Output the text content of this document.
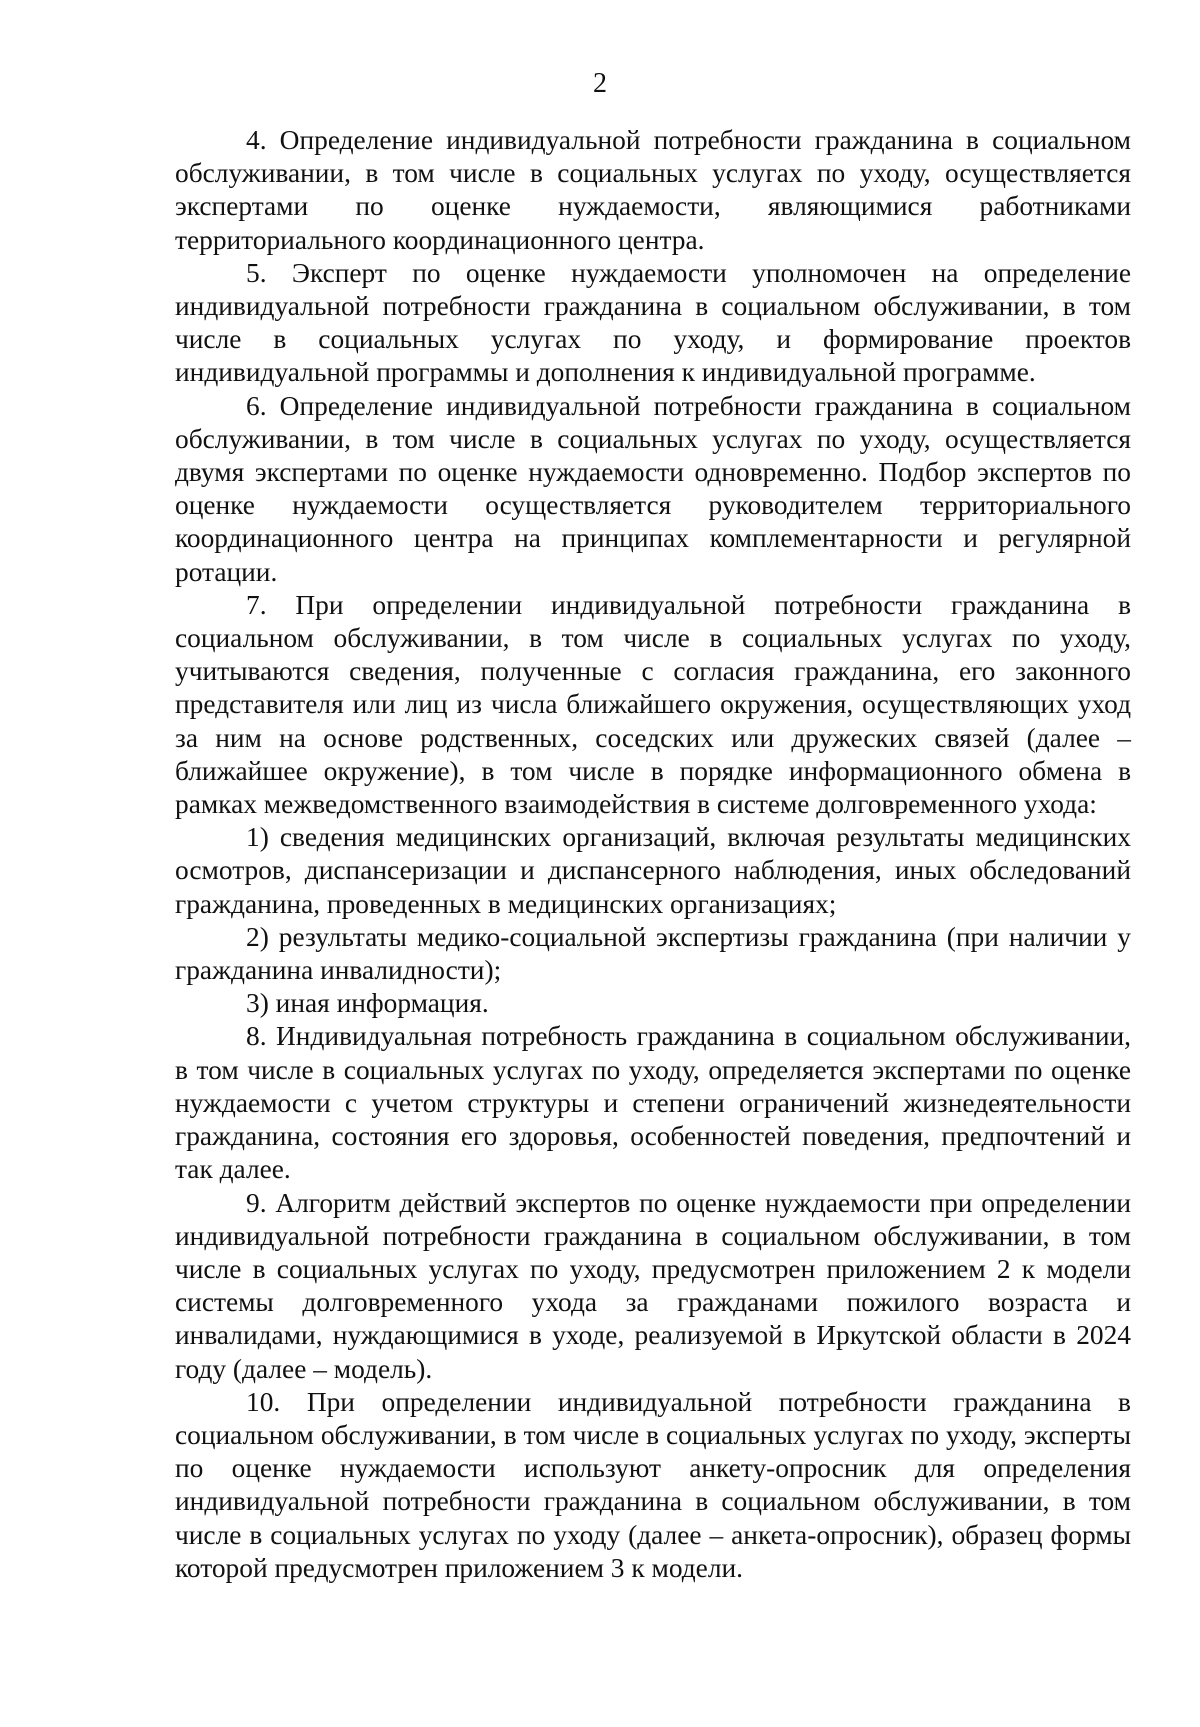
2

4. Определение индивидуальной потребности гражданина в социальном обслуживании, в том числе в социальных услугах по уходу, осуществляется экспертами по оценке нуждаемости, являющимися работниками территориального координационного центра.

5. Эксперт по оценке нуждаемости уполномочен на определение индивидуальной потребности гражданина в социальном обслуживании, в том числе в социальных услугах по уходу, и формирование проектов индивидуальной программы и дополнения к индивидуальной программе.

6. Определение индивидуальной потребности гражданина в социальном обслуживании, в том числе в социальных услугах по уходу, осуществляется двумя экспертами по оценке нуждаемости одновременно. Подбор экспертов по оценке нуждаемости осуществляется руководителем территориального координационного центра на принципах комплементарности и регулярной ротации.

7. При определении индивидуальной потребности гражданина в социальном обслуживании, в том числе в социальных услугах по уходу, учитываются сведения, полученные с согласия гражданина, его законного представителя или лиц из числа ближайшего окружения, осуществляющих уход за ним на основе родственных, соседских или дружеских связей (далее – ближайшее окружение), в том числе в порядке информационного обмена в рамках межведомственного взаимодействия в системе долговременного ухода:

1) сведения медицинских организаций, включая результаты медицинских осмотров, диспансеризации и диспансерного наблюдения, иных обследований гражданина, проведенных в медицинских организациях;

2) результаты медико-социальной экспертизы гражданина (при наличии у гражданина инвалидности);

3) иная информация.

8. Индивидуальная потребность гражданина в социальном обслуживании, в том числе в социальных услугах по уходу, определяется экспертами по оценке нуждаемости с учетом структуры и степени ограничений жизнедеятельности гражданина, состояния его здоровья, особенностей поведения, предпочтений и так далее.

9. Алгоритм действий экспертов по оценке нуждаемости при определении индивидуальной потребности гражданина в социальном обслуживании, в том числе в социальных услугах по уходу, предусмотрен приложением 2 к модели системы долговременного ухода за гражданами пожилого возраста и инвалидами, нуждающимися в уходе, реализуемой в Иркутской области в 2024 году (далее – модель).

10. При определении индивидуальной потребности гражданина в социальном обслуживании, в том числе в социальных услугах по уходу, эксперты по оценке нуждаемости используют анкету-опросник для определения индивидуальной потребности гражданина в социальном обслуживании, в том числе в социальных услугах по уходу (далее – анкета-опросник), образец формы которой предусмотрен приложением 3 к модели.
